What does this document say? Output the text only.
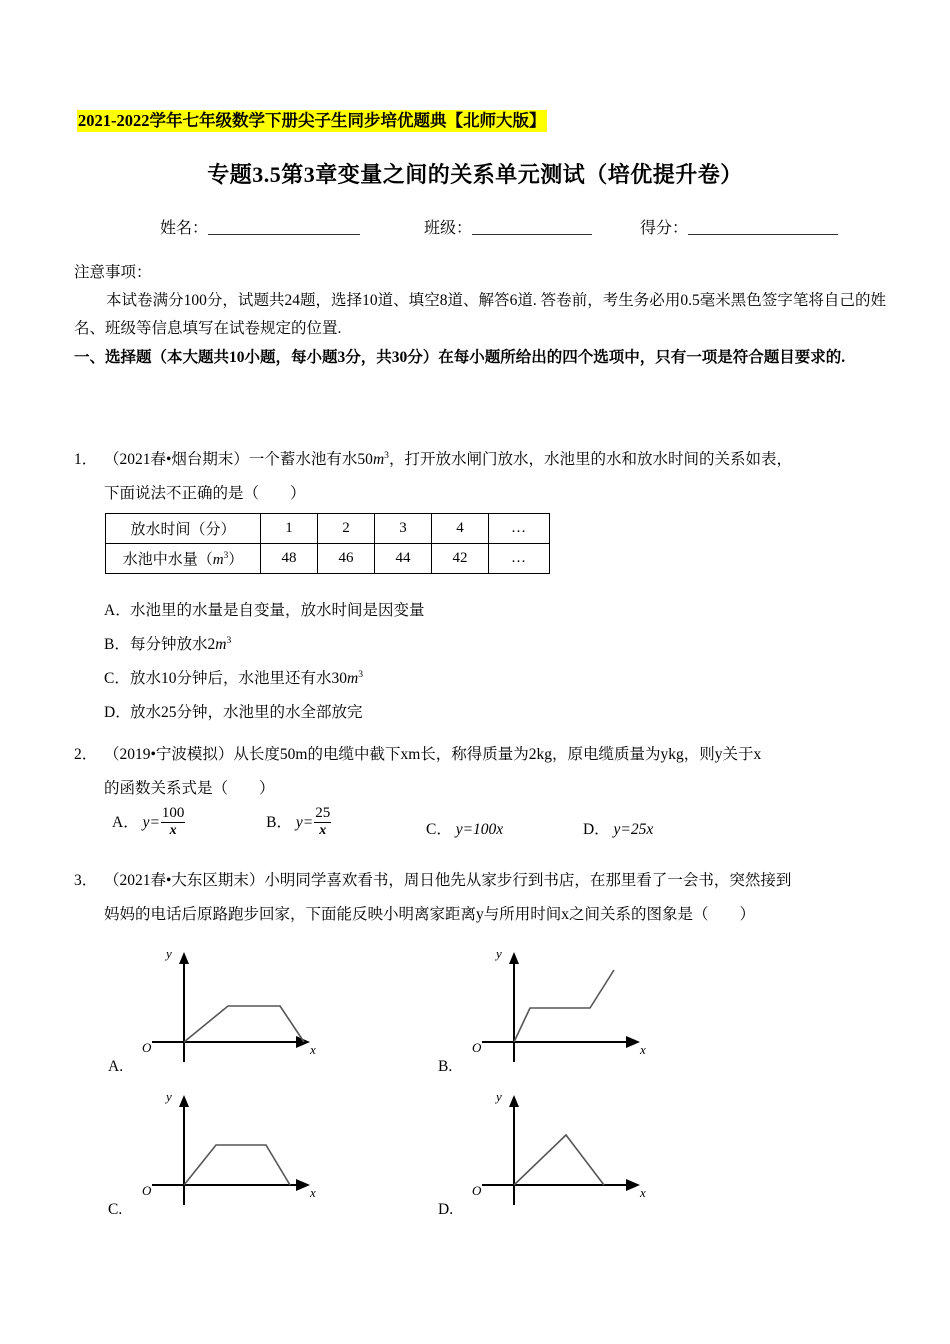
2021-2022学年七年级数学下册尖子生同步培优题典【北师大版】
专题3.5第3章变量之间的关系单元测试（培优提升卷）
姓名：	班级：	得分：
注意事项：
本试卷满分100分，试题共24题，选择10道、填空8道、解答6道. 答卷前，考生务必用0.5毫米黑色签字笔将自己的姓名、班级等信息填写在试卷规定的位置.
一、选择题（本大题共10小题，每小题3分，共30分）在每小题所给出的四个选项中，只有一项是符合题目要求的.
1． （2021春•烟台期末）一个蓄水池有水$50m^3$，打开放水闸门放水，水池里的水和放水时间的关系如表，
下面说法不正确的是（　　）
放水时间（分）	1	2	3	4	…
水池中水量$(m^3)$	48	46	44	42	…
A．水池里的水量是自变量，放水时间是因变量
B．每分钟放水$2m^3$
C．放水10分钟后，水池里还有水$30m^3$
D．放水25分钟，水池里的水全部放完
2． （2019•宁波模拟）从长度50m的电缆中截下xm长，称得质量为2kg，原电缆质量为ykg，则y关于x
的函数关系式是（　　）
A． $y= \frac{100}{x}$	B． $y= \frac{25}{x}$	C． y=100x	D． y=25x
3． （2021春•大东区期末）小明同学喜欢看书，周日他先从家步行到书店，在那里看了一会书，突然接到
妈妈的电话后原路跑步回家，下面能反映小明离家距离y与所用时间x之间关系的图象是（　　）
A.
y
O	x
B.
y
O	x
C.
y
O	x
D.
y
O	x
